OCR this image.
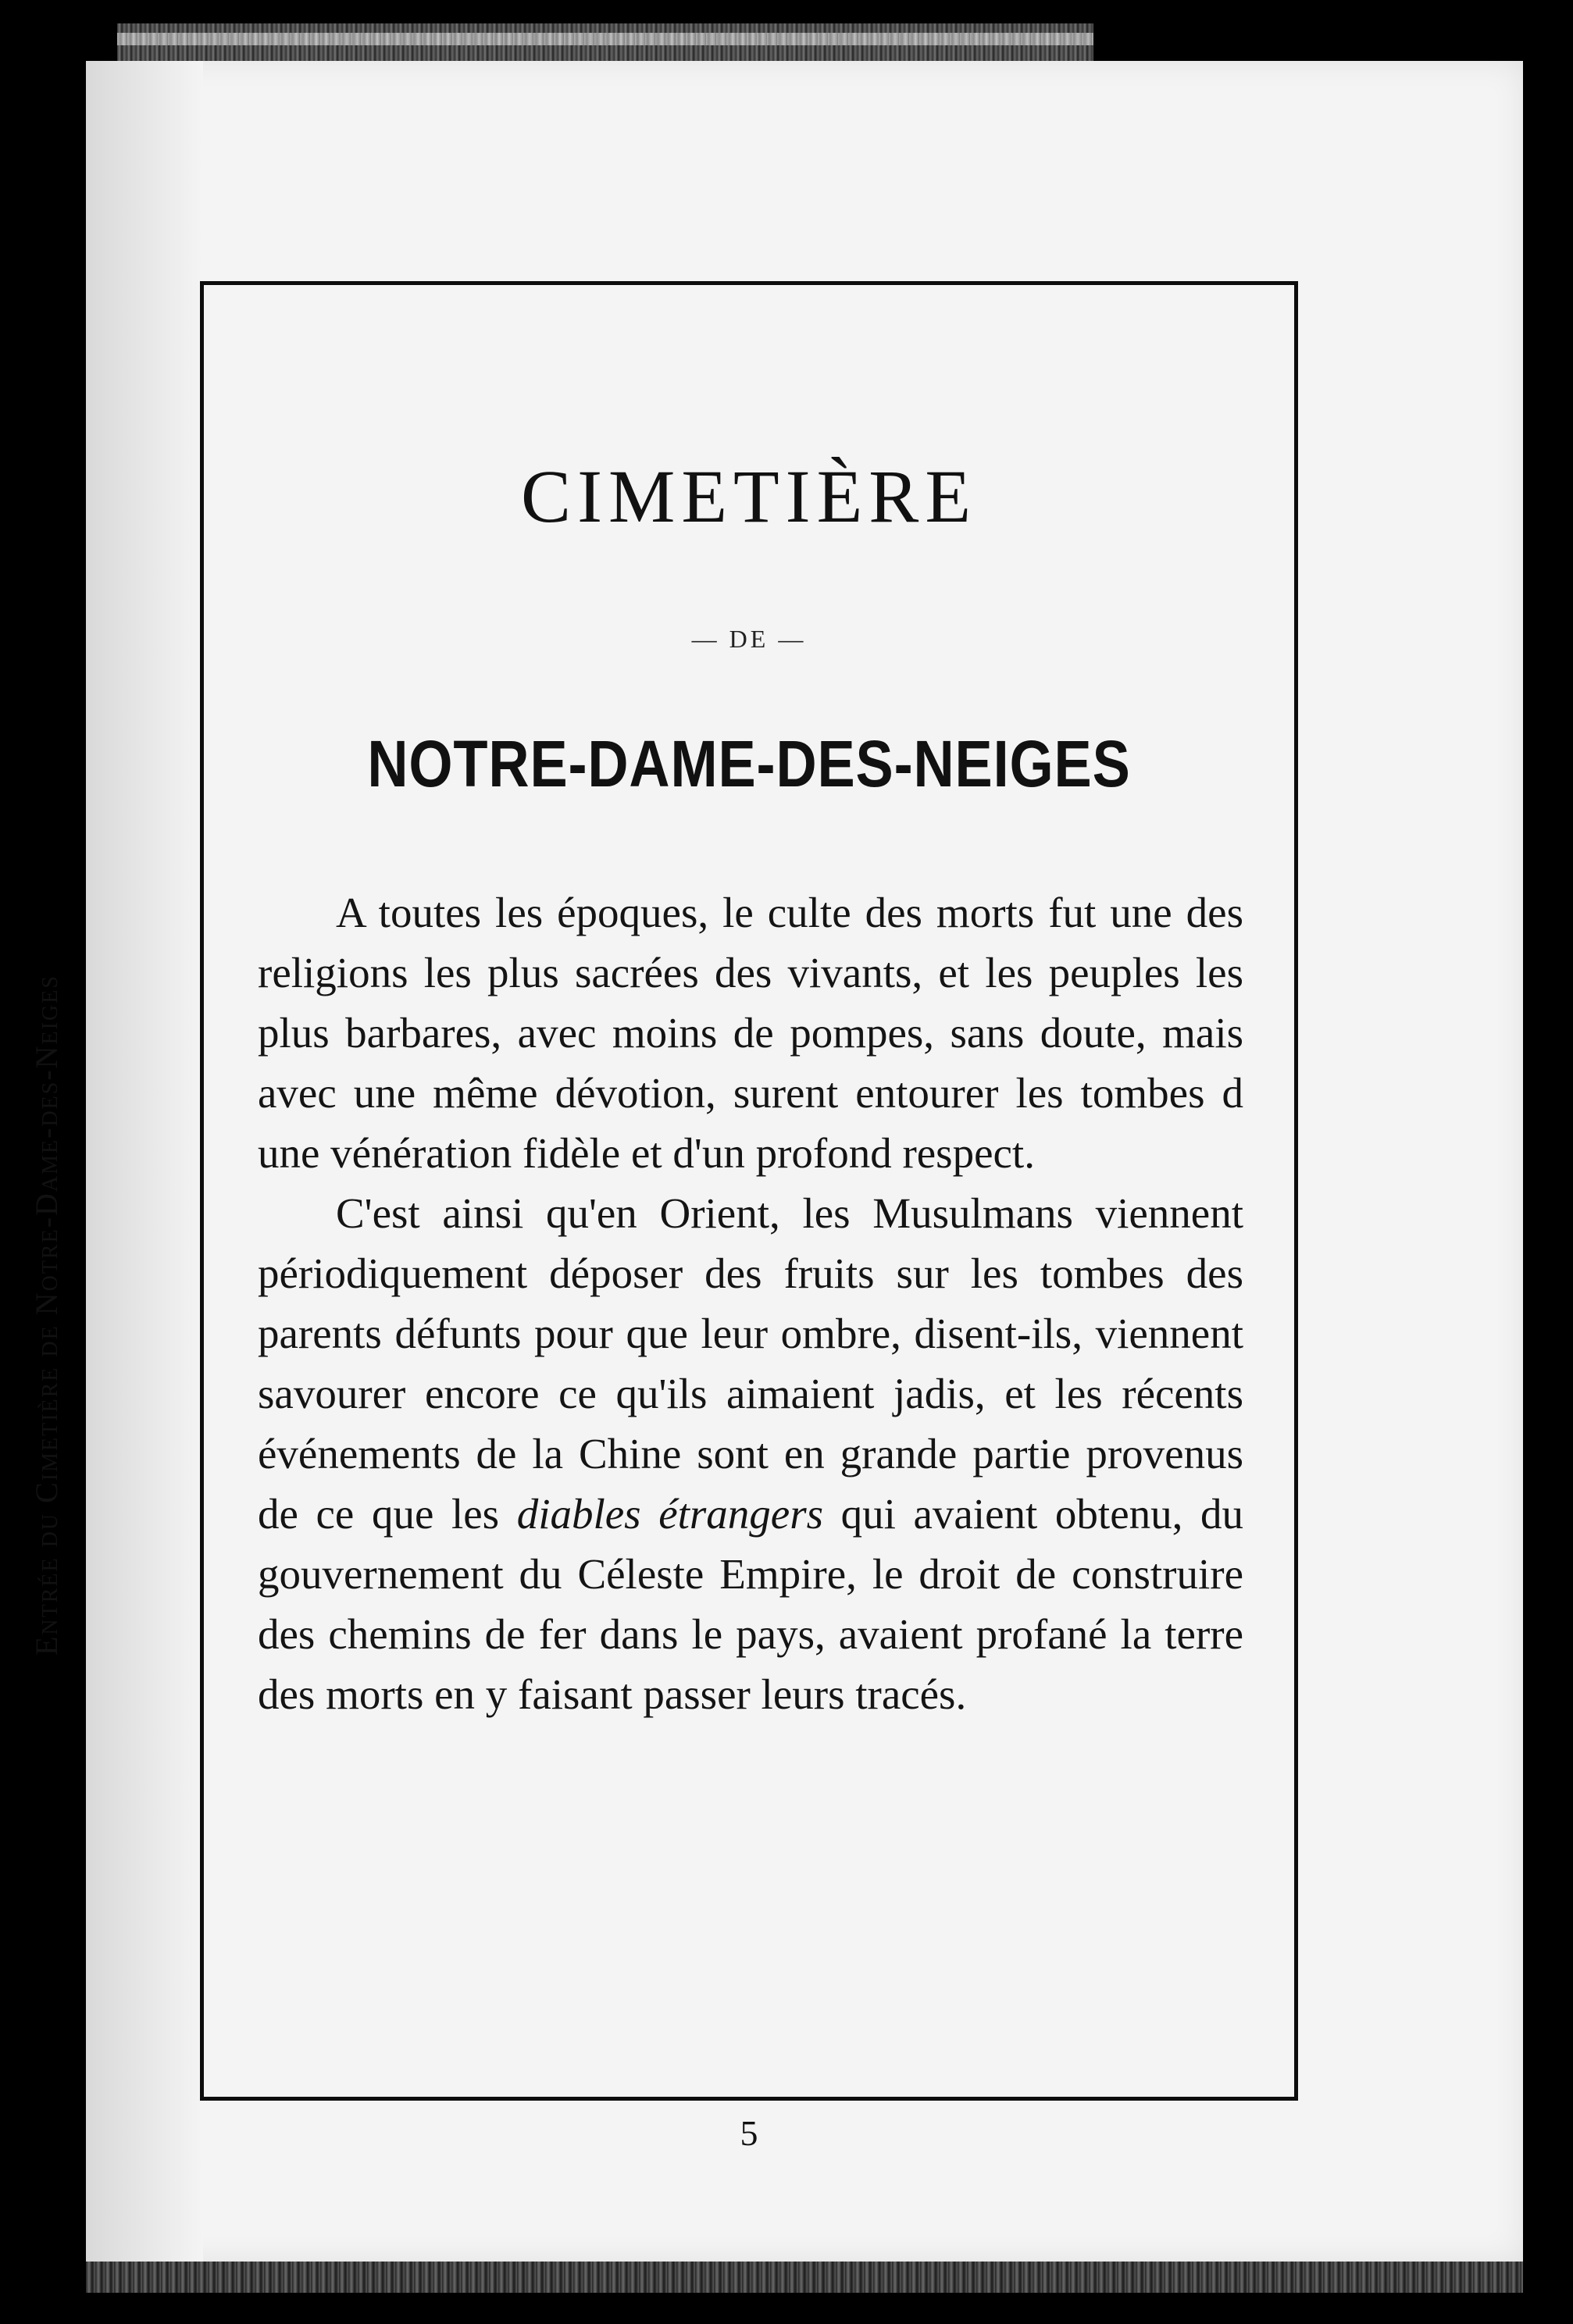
Entrée du Cimetière de Notre-Dame-des-Neiges
CIMETIÈRE
— DE —
NOTRE-DAME-DES-NEIGES

A toutes les époques, le culte des morts fut une des religions les plus sacrées des vivants, et les peuples les plus barbares, avec moins de pompes, sans doute, mais avec une même dévotion, surent entourer les tombes d une vénération fidèle et d'un profond respect.

C'est ainsi qu'en Orient, les Musulmans viennent périodiquement déposer des fruits sur les tombes des parents défunts pour que leur ombre, disent-ils, viennent savourer encore ce qu'ils aimaient jadis, et les récents événements de la Chine sont en grande partie provenus de ce que les diables étrangers qui avaient obtenu, du gouvernement du Céleste Empire, le droit de construire des chemins de fer dans le pays, avaient profané la terre des morts en y faisant passer leurs tracés.

5
